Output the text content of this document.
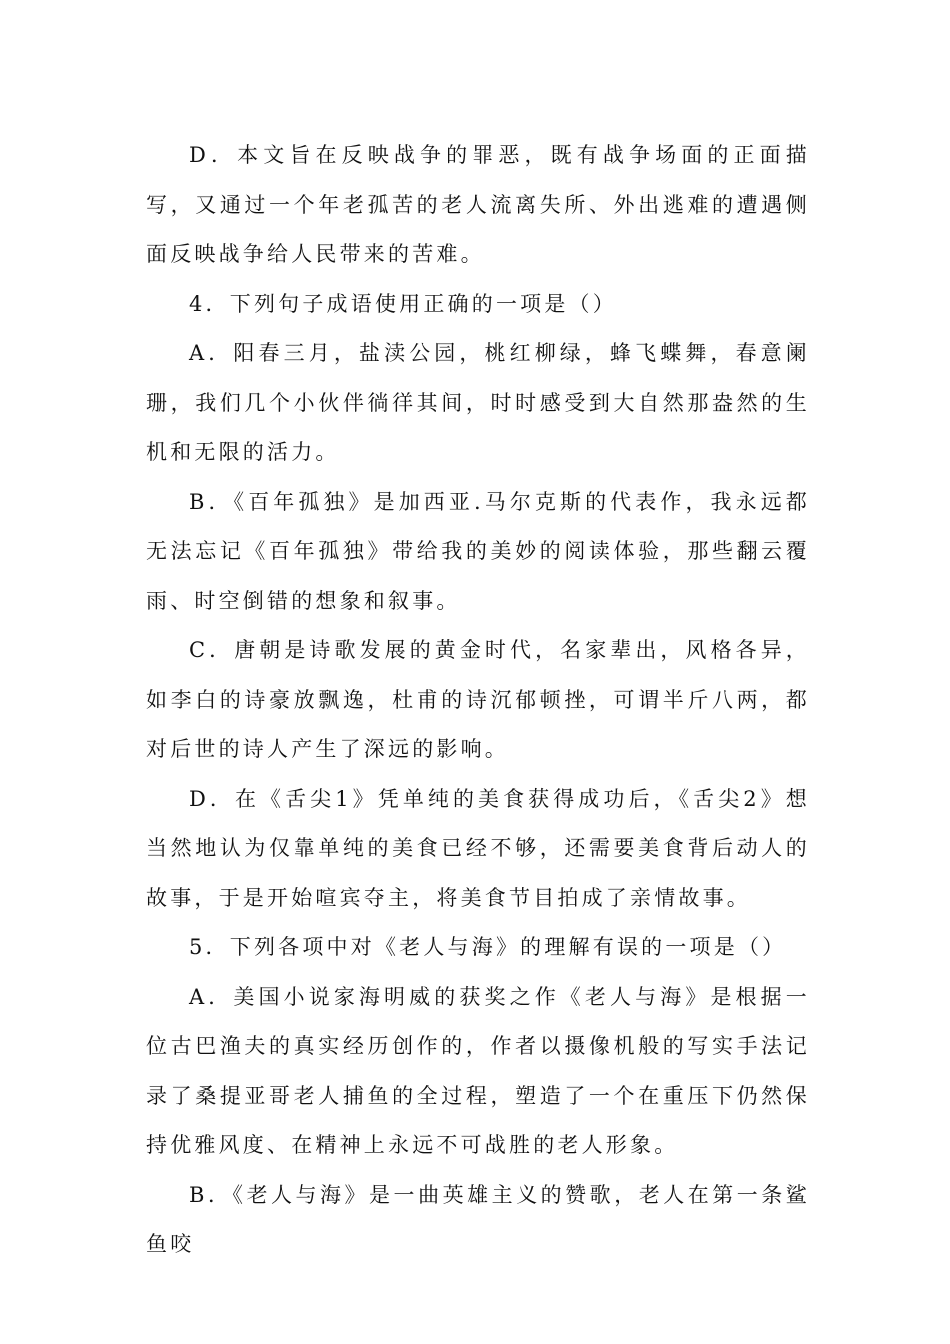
D．本文旨在反映战争的罪恶，既有战争场面的正面描写，又通过一个年老孤苦的老人流离失所、外出逃难的遭遇侧面反映战争给人民带来的苦难。

4．下列句子成语使用正确的一项是（）

A．阳春三月，盐渎公园，桃红柳绿，蜂飞蝶舞，春意阑珊，我们几个小伙伴徜徉其间，时时感受到大自然那盎然的生机和无限的活力。

B．《百年孤独》是加西亚.马尔克斯的代表作，我永远都无法忘记《百年孤独》带给我的美妙的阅读体验，那些翻云覆雨、时空倒错的想象和叙事。

C．唐朝是诗歌发展的黄金时代，名家辈出，风格各异，如李白的诗豪放飘逸，杜甫的诗沉郁顿挫，可谓半斤八两，都对后世的诗人产生了深远的影响。

D．在《舌尖1》凭单纯的美食获得成功后，《舌尖2》想当然地认为仅靠单纯的美食已经不够，还需要美食背后动人的故事，于是开始喧宾夺主，将美食节目拍成了亲情故事。

5．下列各项中对《老人与海》的理解有误的一项是（）

A．美国小说家海明威的获奖之作《老人与海》是根据一位古巴渔夫的真实经历创作的，作者以摄像机般的写实手法记录了桑提亚哥老人捕鱼的全过程，塑造了一个在重压下仍然保持优雅风度、在精神上永远不可战胜的老人形象。

B．《老人与海》是一曲英雄主义的赞歌，老人在第一条鲨鱼咬
